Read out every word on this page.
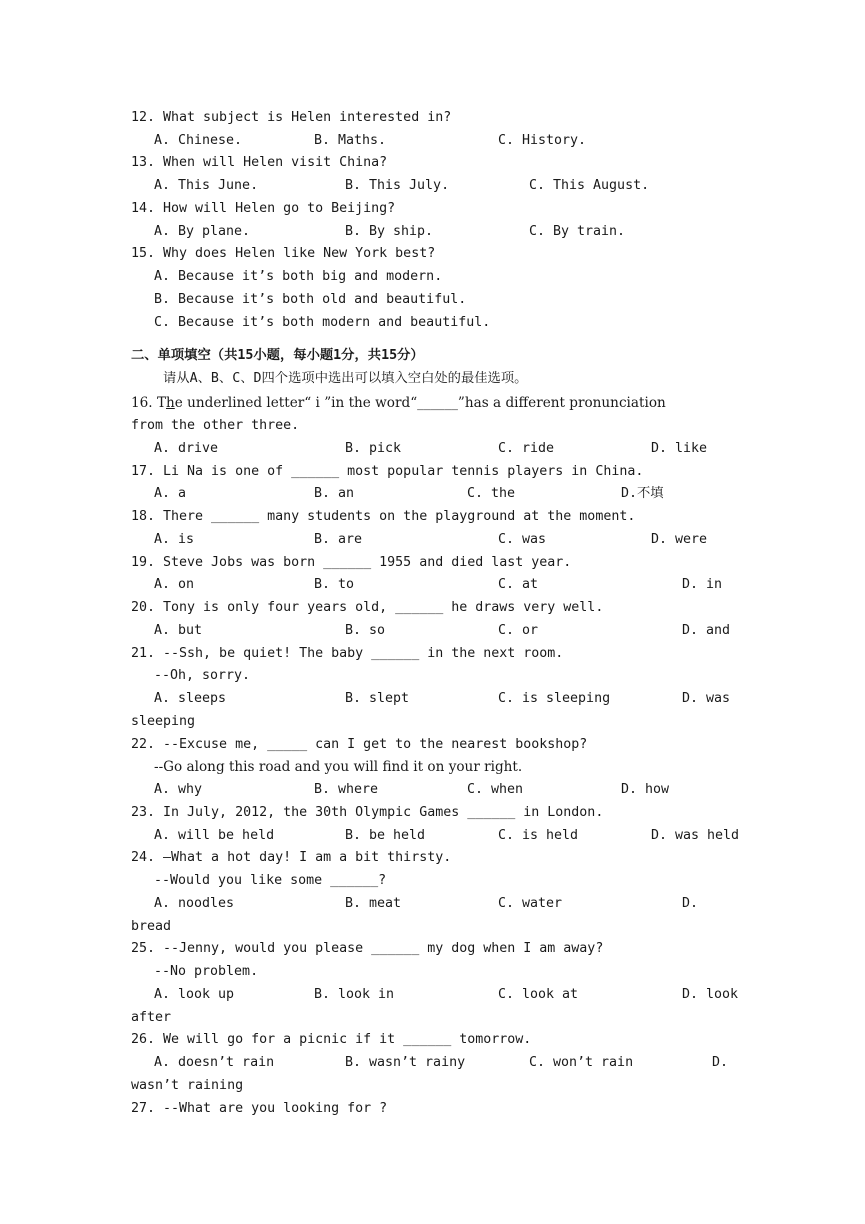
12. What subject is Helen interested in?
A. Chinese.	B. Maths.	C. History.
13. When will Helen visit China?
A. This June.	B. This July.	C. This August.
14. How will Helen go to Beijing?
A. By plane.	B. By ship.	C. By train.
15. Why does Helen like New York best?
A. Because it’s both big and modern.
B. Because it’s both old and beautiful.
C. Because it’s both modern and beautiful.
二、单项填空（共15小题，每小题1分，共15分）
请从A、B、C、D四个选项中选出可以填入空白处的最佳选项。
16. The underlined letter“ i ”in the word“______”has a different pronunciation
from the other three.
A. drive	B. pick	C. ride	D. like
17. Li Na is one of ______ most popular tennis players in China.
A. a	B. an	C. the	D.不填
18. There ______ many students on the playground at the moment.
A. is	B. are	C. was	D. were
19. Steve Jobs was born ______ 1955 and died last year.
A. on	B. to	C. at	D. in
20. Tony is only four years old, ______ he draws very well.
A. but	B. so	C. or	D. and
21. --Ssh, be quiet! The baby ______ in the next room.
--Oh, sorry.
A. sleeps	B. slept	C. is sleeping	D. was
sleeping
22. --Excuse me, _____ can I get to the nearest bookshop?
--Go along this road and you will find it on your right.
A. why	B. where	C. when	D. how
23. In July, 2012, the 30th Olympic Games ______ in London.
A. will be held	B. be held	C. is held	D. was held
24. –What a hot day! I am a bit thirsty.
--Would you like some ______?
A. noodles	B. meat	C. water	D.
bread
25. --Jenny, would you please ______ my dog when I am away?
--No problem.
A. look up	B. look in	C. look at	D. look
after
26. We will go for a picnic if it ______ tomorrow.
A. doesn’t rain	B. wasn’t rainy	C. won’t rain	D.
wasn’t raining
27. --What are you looking for ?
